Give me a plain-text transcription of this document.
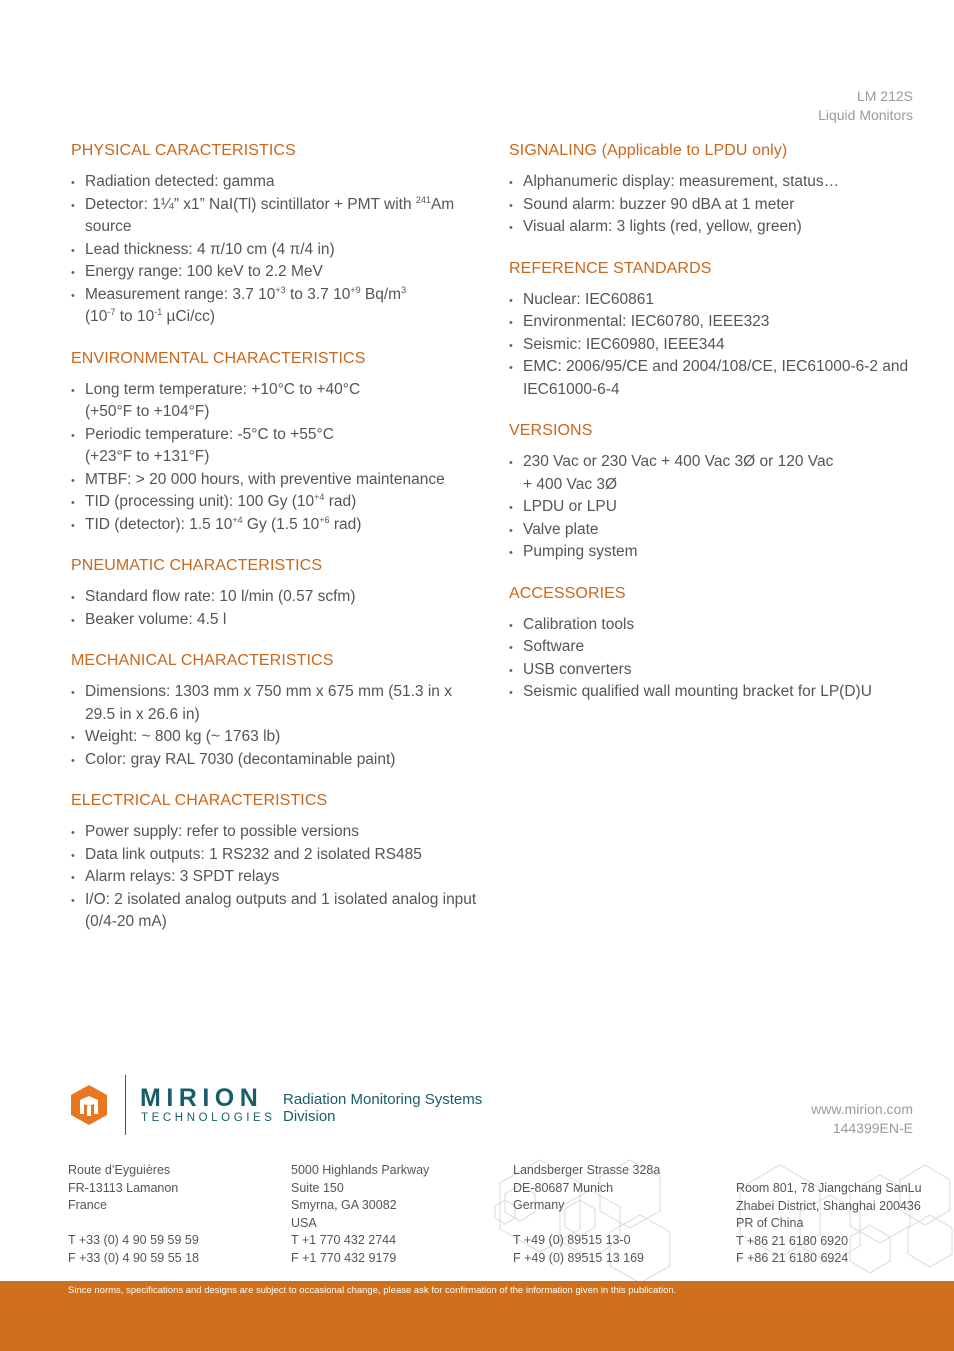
LM 212S
Liquid Monitors
PHYSICAL CARACTERISTICS
• Radiation detected: gamma
• Detector: 1¼” x1” NaI(Tl) scintillator + PMT with $^{241}$Am source
• Lead thickness: 4 π/10 cm (4 π/4 in)
• Energy range: 100 keV to 2.2 MeV
• Measurement range: 3.7 $10^{+3}$ to 3.7 $10^{+9}$ $Bq/m^3$
($10^{-7}$ to $10^{-1}$ µCi/cc)
ENVIRONMENTAL CHARACTERISTICS
• Long term temperature: +10°C to +40°C
(+50°F to +104°F)
• Periodic temperature: -5°C to +55°C
(+23°F to +131°F)
• MTBF: > 20 000 hours, with preventive maintenance
• TID (processing unit): 100 Gy ($10^{+4}$ rad)
• TID (detector): 1.5 $10^{+4}$ Gy (1.5 $10^{+6}$ rad)
PNEUMATIC CHARACTERISTICS
• Standard flow rate: 10 l/min (0.57 scfm)
• Beaker volume: 4.5 l
MECHANICAL CHARACTERISTICS
• Dimensions: 1303 mm x 750 mm x 675 mm (51.3 in x 29.5 in x 26.6 in)
• Weight: ~ 800 kg (~ 1763 lb)
• Color: gray RAL 7030 (decontaminable paint)
ELECTRICAL CHARACTERISTICS
• Power supply: refer to possible versions
• Data link outputs: 1 RS232 and 2 isolated RS485
• Alarm relays: 3 SPDT relays
• I/O: 2 isolated analog outputs and 1 isolated analog input (0/4-20 mA)
SIGNALING (Applicable to LPDU only)
• Alphanumeric display: measurement, status…
• Sound alarm: buzzer 90 dBA at 1 meter
• Visual alarm: 3 lights (red, yellow, green)
REFERENCE STANDARDS
• Nuclear: IEC60861
• Environmental: IEC60780, IEEE323
• Seismic: IEC60980, IEEE344
• EMC: 2006/95/CE and 2004/108/CE, IEC61000-6-2 and IEC61000-6-4
VERSIONS
• 230 Vac or 230 Vac + 400 Vac 3Ø or 120 Vac
+ 400 Vac 3Ø
• LPDU or LPU
• Valve plate
• Pumping system
ACCESSORIES
• Calibration tools
• Software
• USB converters
• Seismic qualified wall mounting bracket for LP(D)U
MIRION
TECHNOLOGIES
Radiation Monitoring Systems
Division	www.mirion.com
144399EN-E
Route d’Eyguières
FR-13113 Lamanon
France
T +33 (0) 4 90 59 59 59
F +33 (0) 4 90 59 55 18
5000 Highlands Parkway
Suite 150
Smyrna, GA 30082
USA
T +1 770 432 2744
F +1 770 432 9179
Landsberger Strasse 328a
DE-80687 Munich
Germany
T +49 (0) 89515 13-0
F +49 (0) 89515 13 169
Room 801, 78 Jiangchang SanLu
Zhabei District, Shanghai 200436
PR of China
T +86 21 6180 6920
F +86 21 6180 6924
Since norms, specifications and designs are subject to occasional change, please ask for confirmation of the information given in this publication.
